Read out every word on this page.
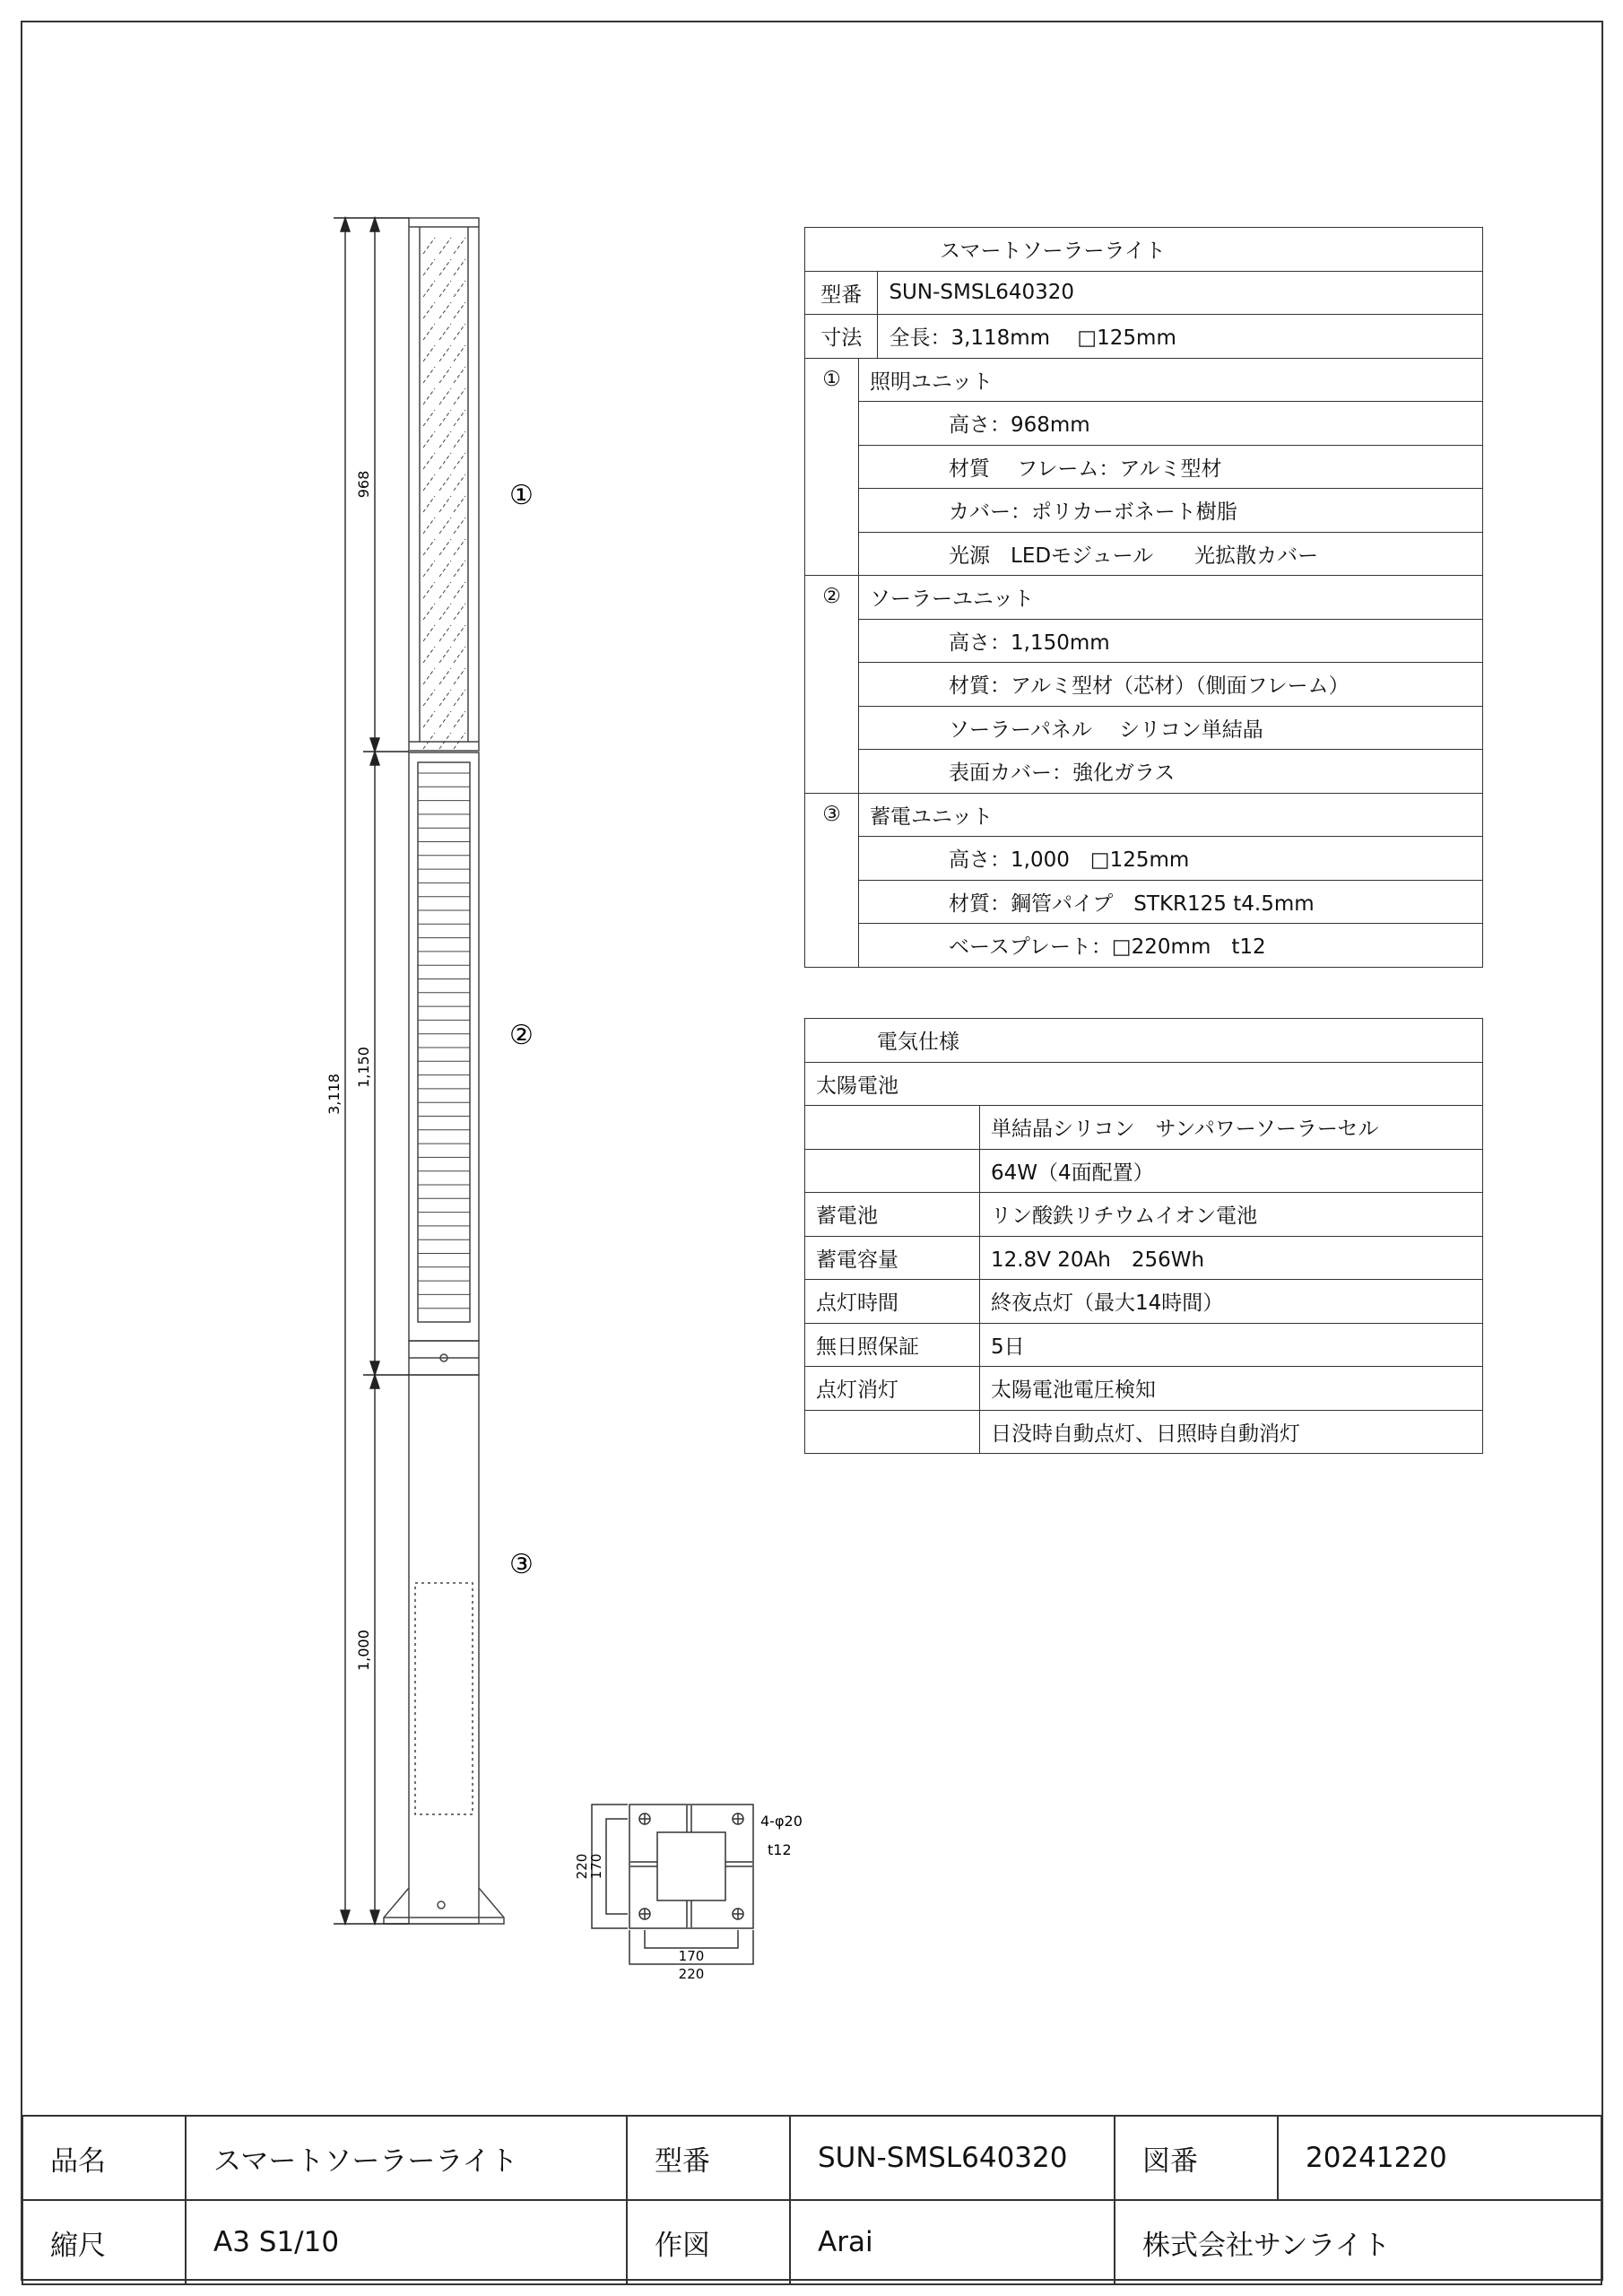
3,118
968
1,150
1,000
①
②
③
220
170
170
220
4-φ20
t12
スマートソーラーライト		
型番		SUN-SMSL640320
寸法		全長：3,118mm　 □125mm
①	照明ユニット	
	高さ：968mm	
	材質　 フレーム：アルミ型材	
	カバー：ポリカーボネート樹脂	
	光源　LEDモジュール　　光拡散カバー	
②	ソーラーユニット	
	高さ：1,150mm	
	材質：アルミ型材（芯材）（側面フレーム）	
	ソーラーパネル　 シリコン単結晶	
	表面カバー：強化ガラス	
③	蓄電ユニット	
	高さ：1,000　□125mm	
	材質：鋼管パイプ　STKR125 t4.5mm	
	ベースプレート：□220mm　t12	
電気仕様	
太陽電池	
	単結晶シリコン　サンパワーソーラーセル
	64W（4面配置）
蓄電池	リン酸鉄リチウムイオン電池
蓄電容量	12.8V 20Ah　256Wh
点灯時間	終夜点灯（最大14時間）
無日照保証	5日
点灯消灯	太陽電池電圧検知
	日没時自動点灯、日照時自動消灯
品名	スマートソーラーライト	型番	SUN-SMSL640320	図番	20241220
縮尺	A3 S1/10	作図	Arai	株式会社サンライト	
